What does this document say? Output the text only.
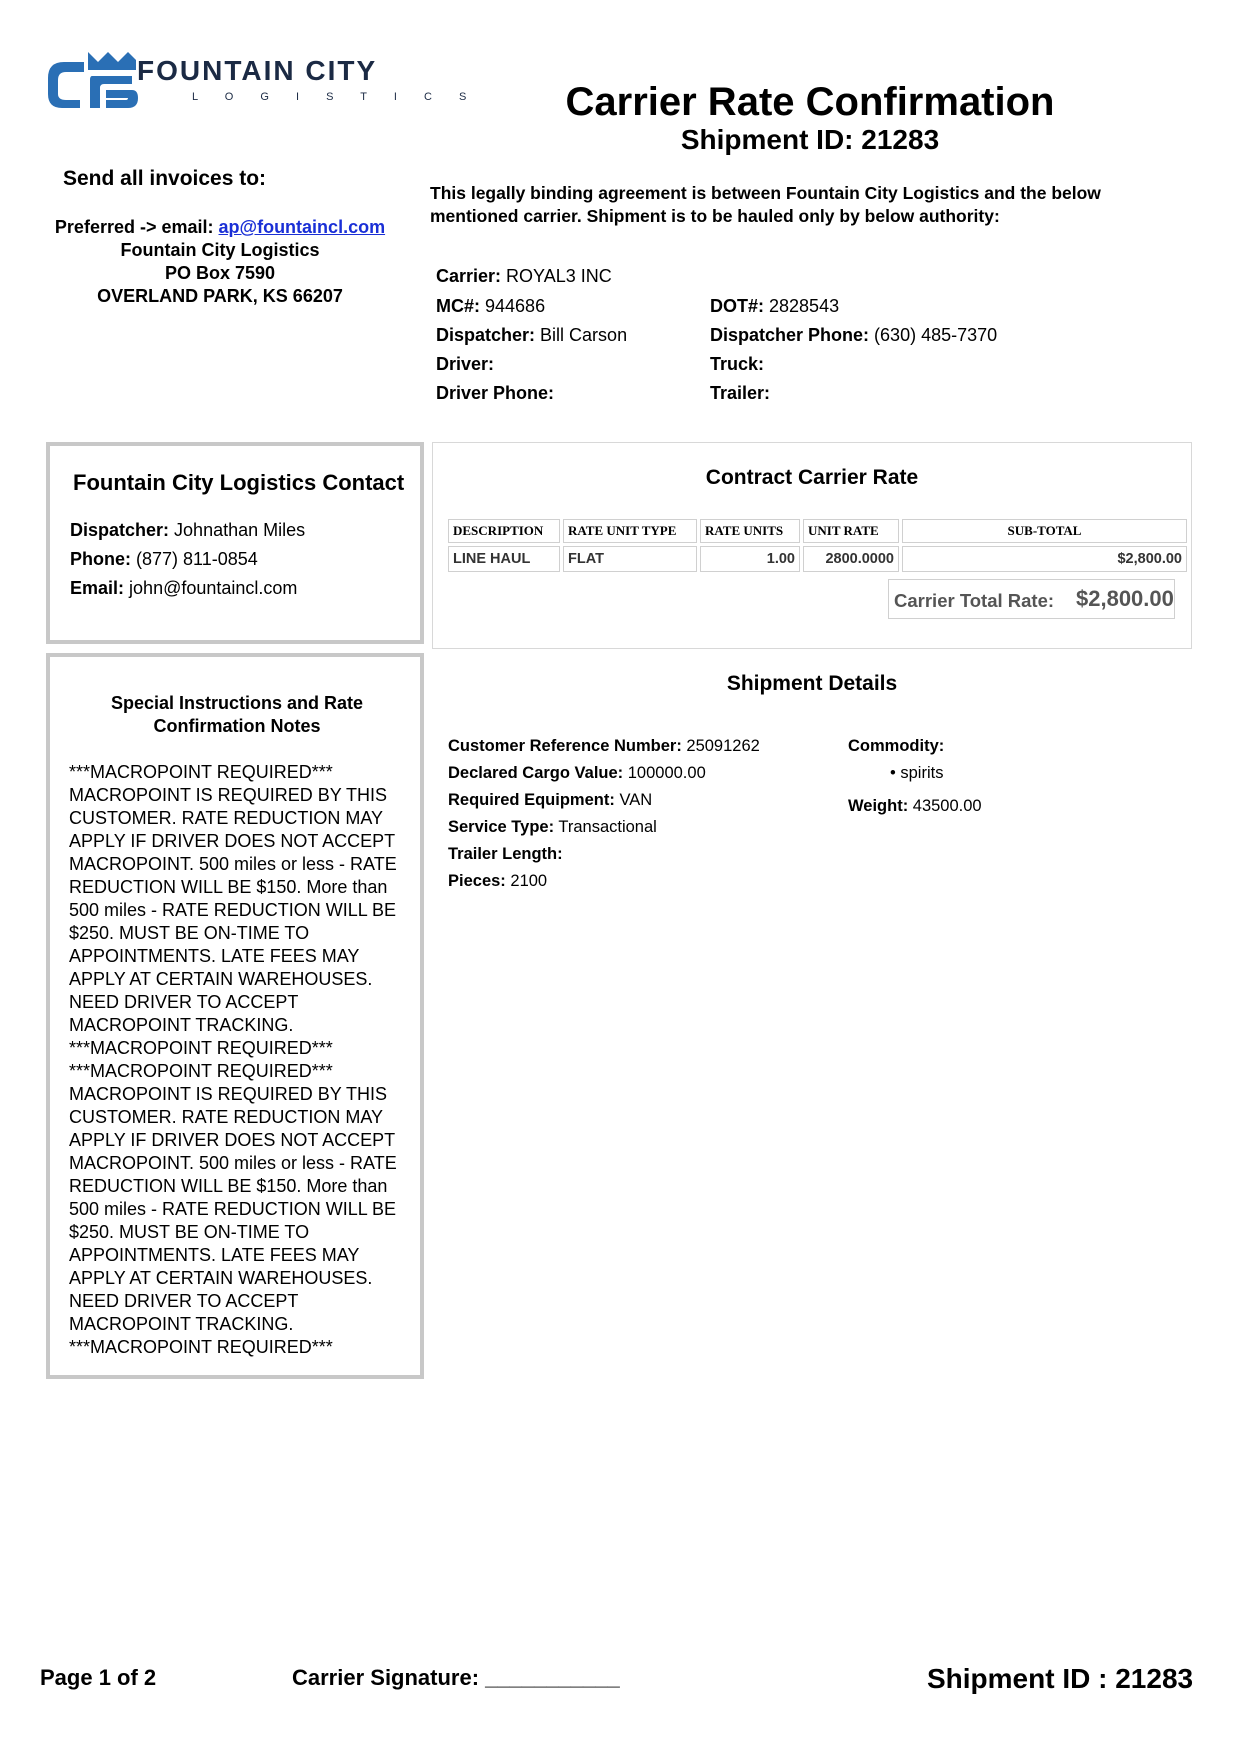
FOUNTAIN CITY
L O G I S T I C S Carrier Rate Confirmation
Shipment ID: 21283
Send all invoices to:
Preferred -> email: ap@fountaincl.com
Fountain City Logistics
PO Box 7590
OVERLAND PARK, KS 66207
This legally binding agreement is between Fountain City Logistics and the below mentioned carrier. Shipment is to be hauled only by below authority:
Carrier: ROYAL3 INC
MC#: 944686	DOT#: 2828543
Dispatcher: Bill Carson	Dispatcher Phone: (630) 485-7370
Driver:	Truck:
Driver Phone:	Trailer:
Fountain City Logistics Contact
Dispatcher: Johnathan Miles
Phone: (877) 811-0854
Email: john@fountaincl.com
Special Instructions and Rate
Confirmation Notes
***MACROPOINT REQUIRED*** MACROPOINT IS REQUIRED BY THIS CUSTOMER. RATE REDUCTION MAY APPLY IF DRIVER DOES NOT ACCEPT MACROPOINT. 500 miles or less - RATE REDUCTION WILL BE $150. More than 500 miles - RATE REDUCTION WILL BE $250. MUST BE ON-TIME TO APPOINTMENTS. LATE FEES MAY APPLY AT CERTAIN WAREHOUSES. NEED DRIVER TO ACCEPT MACROPOINT TRACKING. ***MACROPOINT REQUIRED*** ***MACROPOINT REQUIRED*** MACROPOINT IS REQUIRED BY THIS CUSTOMER. RATE REDUCTION MAY APPLY IF DRIVER DOES NOT ACCEPT MACROPOINT. 500 miles or less - RATE REDUCTION WILL BE $150. More than 500 miles - RATE REDUCTION WILL BE $250. MUST BE ON-TIME TO APPOINTMENTS. LATE FEES MAY APPLY AT CERTAIN WAREHOUSES. NEED DRIVER TO ACCEPT MACROPOINT TRACKING. ***MACROPOINT REQUIRED***
Contract Carrier Rate
DESCRIPTION	RATE UNIT TYPE	RATE UNITS	UNIT RATE	SUB-TOTAL
LINE HAUL	FLAT	1.00	2800.0000	$2,800.00
Carrier Total Rate: $2,800.00
Shipment Details
Customer Reference Number: 25091262
Declared Cargo Value: 100000.00
Required Equipment: VAN
Service Type: Transactional
Trailer Length:
Pieces: 2100
Commodity:
• spirits
Weight: 43500.00
Page 1 of 2	Carrier Signature: ___________	Shipment ID : 21283
